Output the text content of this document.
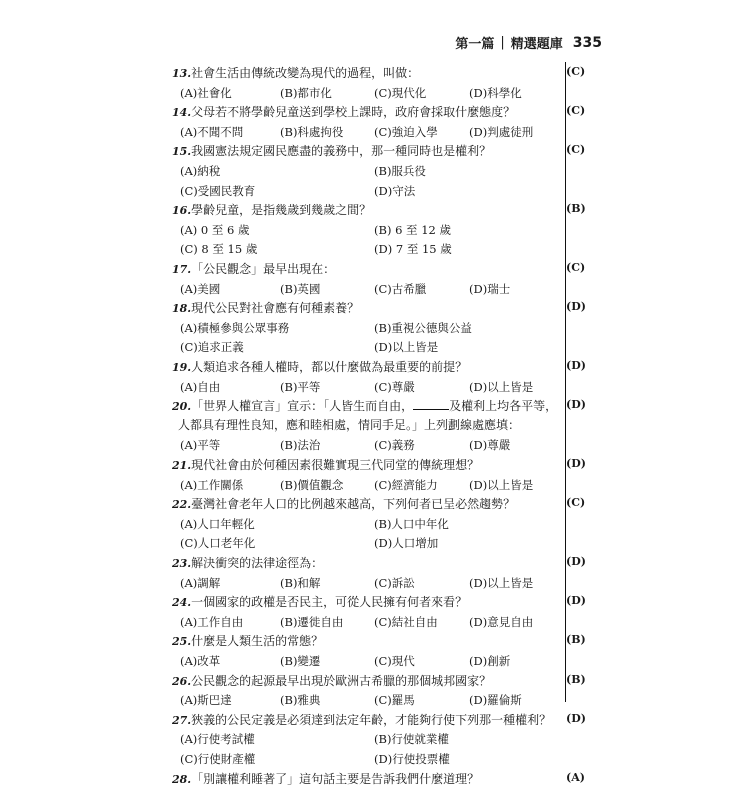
第一篇 | 精選題庫 335
13.社會生活由傳統改變為現代的過程，叫做：	(C)
(A)社會化	(B)都市化	(C)現代化	(D)科學化
14.父母若不將學齡兒童送到學校上課時，政府會採取什麼態度？	(C)
(A)不聞不問	(B)科處拘役	(C)強迫入學	(D)判處徒刑
15.我國憲法規定國民應盡的義務中，那一種同時也是權利？	(C)
(A)納稅	(B)服兵役
(C)受國民教育	(D)守法
16.學齡兒童，是指幾歲到幾歲之間？	(B)
(A) 0 至 6 歲	(B) 6 至 12 歲
(C) 8 至 15 歲	(D) 7 至 15 歲
17.「公民觀念」最早出現在：	(C)
(A)美國	(B)英國	(C)古希臘	(D)瑞士
18.現代公民對社會應有何種素養？	(D)
(A)積極參與公眾事務	(B)重視公德與公益
(C)追求正義	(D)以上皆是
19.人類追求各種人權時，都以什麼做為最重要的前提？	(D)
(A)自由	(B)平等	(C)尊嚴	(D)以上皆是
20.「世界人權宣言」宣示：「人皆生而自由，	及權利上均各平等，
人都具有理性良知，應和睦相處，情同手足。」上列劃線處應填：
(D)
(A)平等	(B)法治	(C)義務	(D)尊嚴
21.現代社會由於何種因素很難實現三代同堂的傳統理想？	(D)
(A)工作關係	(B)價值觀念	(C)經濟能力	(D)以上皆是
22.臺灣社會老年人口的比例越來越高，下列何者已呈必然趨勢？	(C)
(A)人口年輕化	(B)人口中年化
(C)人口老年化	(D)人口增加
23.解決衝突的法律途徑為：	(D)
(A)調解	(B)和解	(C)訴訟	(D)以上皆是
24.一個國家的政權是否民主，可從人民擁有何者來看？	(D)
(A)工作自由	(B)遷徙自由	(C)結社自由	(D)意見自由
25.什麼是人類生活的常態？	(B)
(A)改革	(B)變遷	(C)現代	(D)創新
26.公民觀念的起源最早出現於歐洲古希臘的那個城邦國家？	(B)
(A)斯巴達	(B)雅典	(C)羅馬	(D)羅倫斯
27.狹義的公民定義是必須達到法定年齡，才能夠行使下列那一種權利？	(D)
(A)行使考試權	(B)行使就業權
(C)行使財產權	(D)行使投票權
28.「別讓權利睡著了」這句話主要是告訴我們什麼道理？	(A)
